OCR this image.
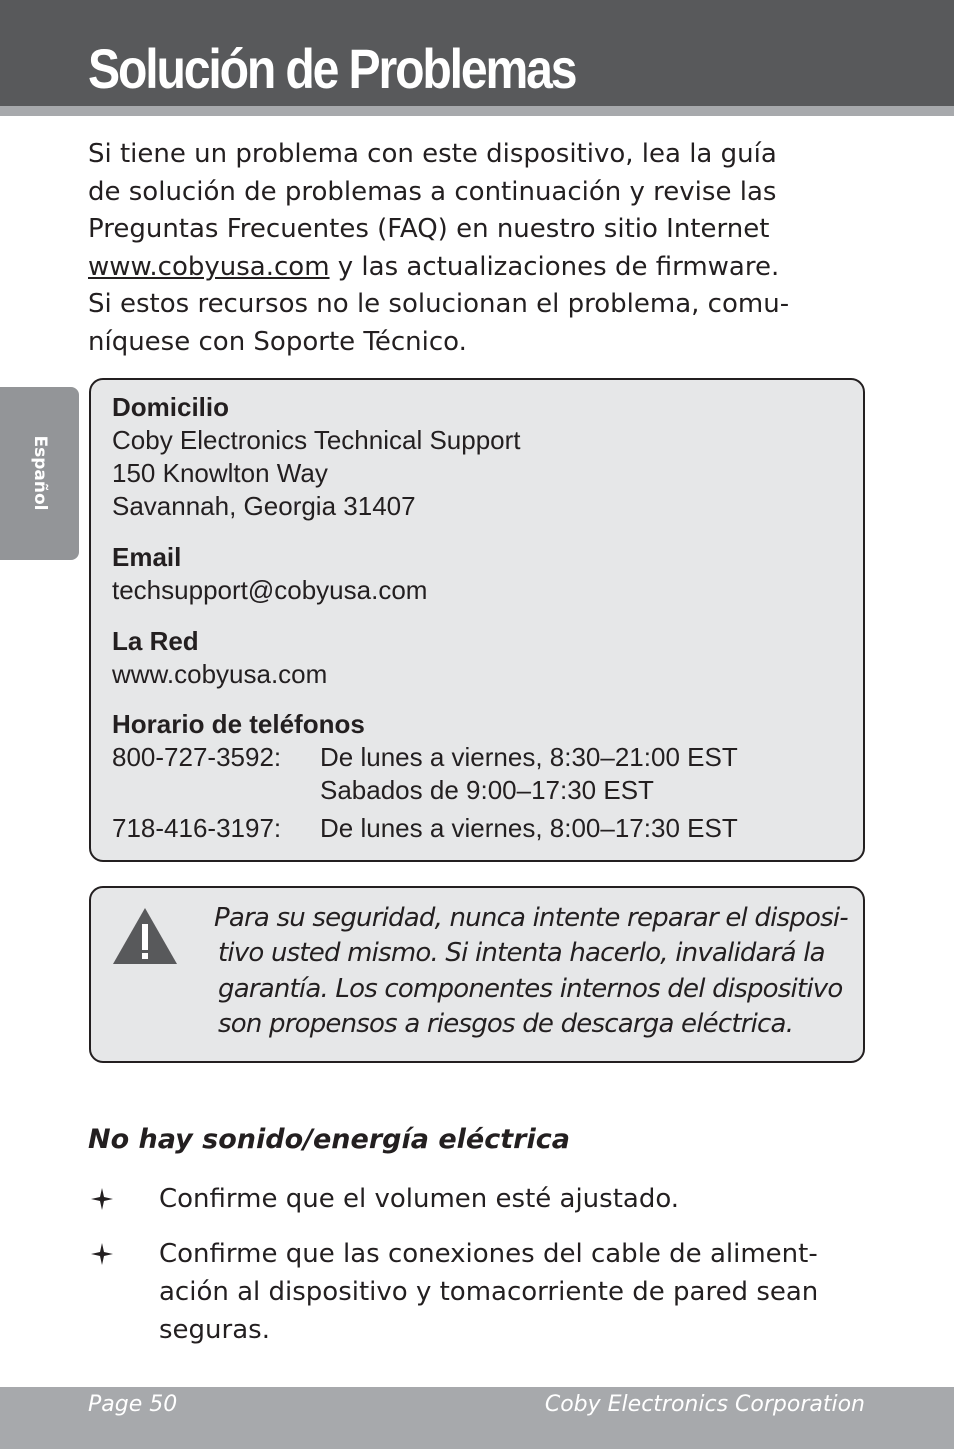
Solución de Problemas
Si tiene un problema con este dispositivo, lea la guía
de solución de problemas a continuación y revise las
Preguntas Frecuentes (FAQ) en nuestro sitio Internet
www.cobyusa.com y las actualizaciones de firmware.
Si estos recursos no le solucionan el problema, comu-
níquese con Soporte Técnico.
Español
Domicilio
Coby Electronics Technical Support
150 Knowlton Way
Savannah, Georgia 31407
Email
techsupport@cobyusa.com
La Red
www.cobyusa.com
Horario de teléfonos
800-727-3592: De lunes a viernes, 8:30–21:00 EST
Sabados de 9:00–17:30 EST
718-416-3197: De lunes a viernes, 8:00–17:30 EST
Para su seguridad, nunca intente reparar el disposi-
tivo usted mismo. Si intenta hacerlo, invalidará la
garantía. Los componentes internos del dispositivo
son propensos a riesgos de descarga eléctrica.
No hay sonido/energía eléctrica
Confirme que el volumen esté ajustado.
Confirme que las conexiones del cable de aliment-
ación al dispositivo y tomacorriente de pared sean
seguras.
Page 50	Coby Electronics Corporation
